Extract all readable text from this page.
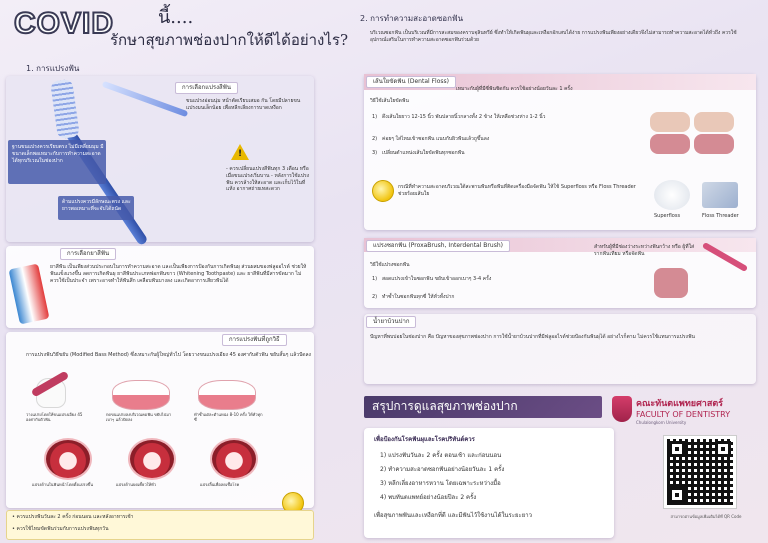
COVID นี้....
รักษาสุขภาพช่องปากให้ดีได้อย่างไร?
1. การแปรงฟัน
การเลือกแปรงสีฟัน
ขนแปรงอ่อนนุ่ม หน้าตัดเรียบเสมอ กัน โดยมีปลายขนแปรงมนเล็กน้อย เพื่อหลีกเลี่ยงการบาดเหงือก
ฐานขนแปรงควรเรียบตรง ไม่มีเหลี่ยมมุม มีขนาดเล็กพอเหมาะกับการทำความสะอาดได้ทุกบริเวณในช่องปาก
ด้ามแปรงควรมีลักษณะตรง และ ยาวพอเหมาะที่จะจับได้ถนัด
!
- ควรเปลี่ยนแปรงสีฟันทุก 3 เดือน หรือ เมื่อขนแปรงเริ่มบาน - หลังการใช้แปรงฟัน ควรล้างให้สะอาด และเก็บไว้ในที่แห้ง อากาศถ่ายเทสะดวก
การเลือกยาสีฟัน
ยาสีฟัน เป็นเพียงส่วนประกอบในการทำความสะอาด และเป็นเพียงการป้องกันการเกิดฟันผุ ส่วนผสมของฟลูออไรด์ ช่วยให้ฟันแข็งแรงขึ้น ลดการเกิดฟันผุ ยาสีฟันประเภทฟอกฟันขาว (Whitening Toothpaste) และ ยาสีฟันที่มีสารขัดมาก ไม่ควรใช้เป็นประจำ เพราะอาจทำให้ฟันสึก เคลือบฟันบางลง และเกิดอาการเสียวฟันได้
การแปรงฟันที่ถูกวิธี
การแปรงฟันวิธีขยับ (Modified Bass Method) ซึ่งเหมาะกับผู้ใหญ่ทั่วไป โดยวางขนแปรงเอียง 45 องศากับตัวฟัน ขยับสั้นๆ แล้วปัดลง
วางแปรงโดยให้ขนแปรงเอียง 45 องศากับตัวฟัน
กดขนแปรงลงบริเวณคอฟัน ขยับไปมาเบาๆ แล้วปัดลง
ทำซ้ำแต่ละตำแหน่ง 8-10 ครั้ง ให้ทั่วทุกซี่
แปรงด้านในฟันหน้าโดยตั้งแปรงขึ้น	แปรงด้านบดเคี้ยวให้ทั่ว	แปรงลิ้นเพื่อลดเชื้อโรค
• ควรแปรงฟันวันละ 2 ครั้ง ก่อนนอน และหลังอาหารเช้า
• ควรใช้ไหมขัดฟันร่วมกับการแปรงฟันทุกวัน
2. การทำความสะอาดซอกฟัน
บริเวณซอกฟัน เป็นบริเวณที่มีการสะสมของคราบจุลินทรีย์ ซึ่งทำให้เกิดฟันผุและเหงือกอักเสบได้ง่าย การแปรงฟันเพียงอย่างเดียวจึงไม่สามารถทำความสะอาดได้ทั่วถึง ควรใช้อุปกรณ์เสริมในการทำความสะอาดซอกฟันร่วมด้วย
เส้นใยขัดฟัน (Dental Floss)
เหมาะกับผู้ที่มีซี่ฟันชิดกัน ควรใช้อย่างน้อยวันละ 1 ครั้ง
วิธีใช้เส้นใยขัดฟัน
1) ดึงเส้นใยยาว 12-15 นิ้ว พันปลายนิ้วกลางทั้ง 2 ข้าง ให้เหลือช่วงห่าง 1-2 นิ้ว
2) ค่อยๆ ใส่ไหมเข้าซอกฟัน แนบกับผิวฟันแล้วถูขึ้นลง
3) เปลี่ยนตำแหน่งเส้นใยขัดฟันทุกซอกฟัน
กรณีที่ทำความสะอาดบริเวณใต้สะพานฟันหรือฟันที่ติดเครื่องมือจัดฟัน ให้ใช้ Superfloss หรือ Floss Threader ช่วยร้อยเส้นใย
Superfloss	Floss Threader
แปรงซอกฟัน (ProxaBrush, Interdental Brush)	สำหรับผู้ที่มีช่องว่างระหว่างฟันกว้าง หรือ ผู้ที่ใส่รากฟันเทียม หรือจัดฟัน
วิธีใช้แปรงซอกฟัน
1) สอดแปรงเข้าในซอกฟัน ขยับเข้าออกเบาๆ 3-4 ครั้ง
2) ทำซ้ำในซอกฟันทุกซี่ ให้ทั่วทั้งปาก
น้ำยาบ้วนปาก
ปัญหาที่พบบ่อยในช่องปาก คือ ปัญหาของสุขภาพช่องปาก การใช้น้ำยาบ้วนปากที่มีฟลูออไรด์ช่วยป้องกันฟันผุได้ อย่างไรก็ตาม ไม่ควรใช้แทนการแปรงฟัน
สรุปการดูแลสุขภาพช่องปาก	คณะทันตแพทยศาสตร์
FACULTY OF DENTISTRY
Chulalongkorn University
เพื่อป้องกันโรคฟันผุและโรคปริทันต์ควร
1) แปรงฟันวันละ 2 ครั้ง ตอนเช้า และก่อนนอน
2) ทำความสะอาดซอกฟันอย่างน้อยวันละ 1 ครั้ง
3) หลีกเลี่ยงอาหารหวาน โดยเฉพาะระหว่างมื้อ
4) พบทันตแพทย์อย่างน้อยปีละ 2 ครั้ง
เพื่อสุขภาพฟันและเหงือกที่ดี และมีฟันไว้ใช้งานได้ในระยะยาว	สามารถอ่านข้อมูลเพิ่มเติมได้ที่ QR Code
